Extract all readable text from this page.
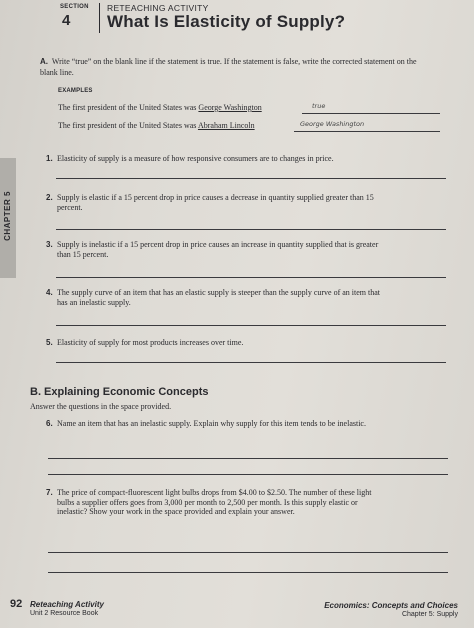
SECTION
4
RETEACHING ACTIVITY
What Is Elasticity of Supply?
CHAPTER 5
A. Write “true” on the blank line if the statement is true. If the statement is false, write the corrected statement on the blank line.
EXAMPLES
The first president of the United States was George Washington	true
The first president of the United States was Abraham Lincoln	George Washington
1. Elasticity of supply is a measure of how responsive consumers are to changes in price.
2. Supply is elastic if a 15 percent drop in price causes a decrease in quantity supplied greater than 15 percent.
3. Supply is inelastic if a 15 percent drop in price causes an increase in quantity supplied that is greater than 15 percent.
4. The supply curve of an item that has an elastic supply is steeper than the supply curve of an item that has an inelastic supply.
5. Elasticity of supply for most products increases over time.
B. Explaining Economic Concepts
Answer the questions in the space provided.
6. Name an item that has an inelastic supply. Explain why supply for this item tends to be inelastic.
7. The price of compact-fluorescent light bulbs drops from $4.00 to $2.50. The number of these light bulbs a supplier offers goes from 3,000 per month to 2,500 per month. Is this supply elastic or inelastic? Show your work in the space provided and explain your answer.
92 Reteaching Activity
Unit 2 Resource Book
Economics: Concepts and Choices
Chapter 5: Supply
